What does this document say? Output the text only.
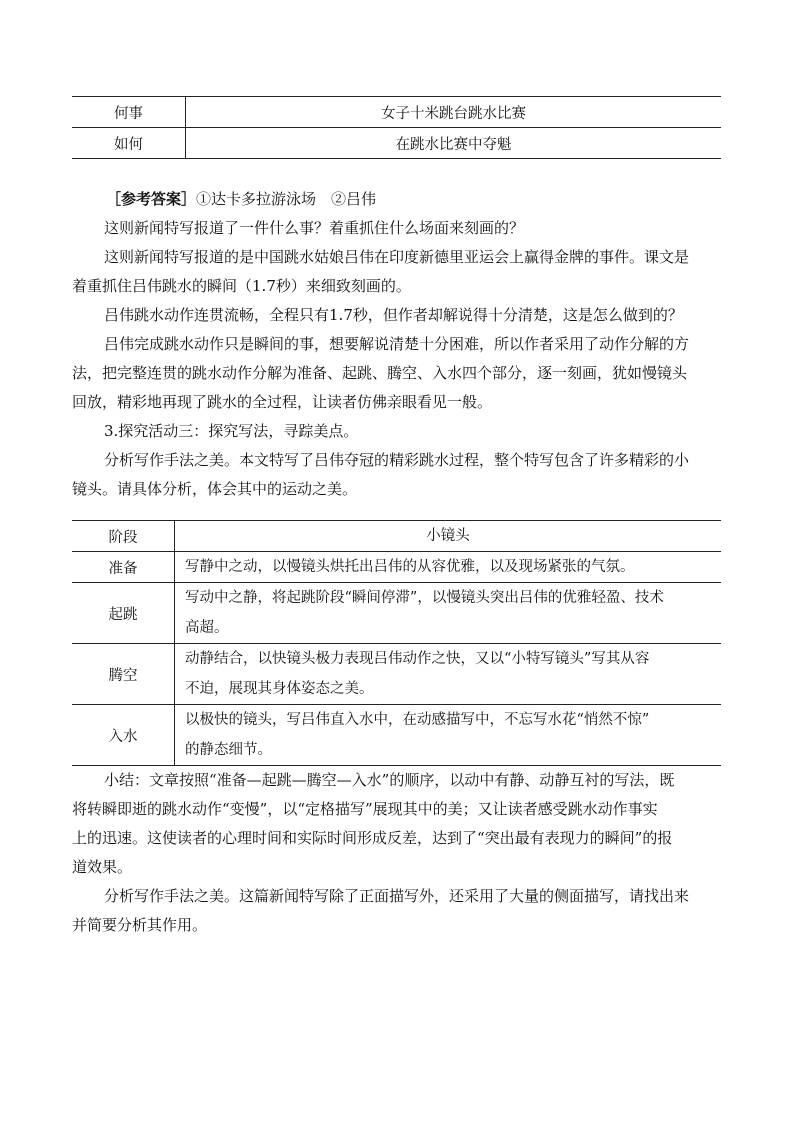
何事	女子十米跳台跳水比赛
如何	在跳水比赛中夺魁

［参考答案］①达卡多拉游泳场　②吕伟

这则新闻特写报道了一件什么事？着重抓住什么场面来刻画的？

这则新闻特写报道的是中国跳水姑娘吕伟在印度新德里亚运会上赢得金牌的事件。课文是

着重抓住吕伟跳水的瞬间（1.7秒）来细致刻画的。

吕伟跳水动作连贯流畅，全程只有1.7秒，但作者却解说得十分清楚，这是怎么做到的？

吕伟完成跳水动作只是瞬间的事，想要解说清楚十分困难，所以作者采用了动作分解的方

法，把完整连贯的跳水动作分解为准备、起跳、腾空、入水四个部分，逐一刻画，犹如慢镜头

回放，精彩地再现了跳水的全过程，让读者仿佛亲眼看见一般。

3.探究活动三：探究写法，寻踪美点。

分析写作手法之美。本文特写了吕伟夺冠的精彩跳水过程，整个特写包含了许多精彩的小

镜头。请具体分析，体会其中的运动之美。

阶段	小镜头
准备	写静中之动，以慢镜头烘托出吕伟的从容优雅，以及现场紧张的气氛。

起跳	写动中之静，将起跳阶段“瞬间停滞”，以慢镜头突出吕伟的优雅轻盈、技术
高超。

腾空	动静结合，以快镜头极力表现吕伟动作之快，又以“小特写镜头”写其从容
不迫，展现其身体姿态之美。

入水	以极快的镜头，写吕伟直入水中，在动感描写中，不忘写水花“悄然不惊”
的静态细节。

小结：文章按照“准备—起跳—腾空—入水”的顺序，以动中有静、动静互衬的写法，既

将转瞬即逝的跳水动作“变慢”，以“定格描写”展现其中的美；又让读者感受跳水动作事实

上的迅速。这使读者的心理时间和实际时间形成反差，达到了“突出最有表现力的瞬间”的报

道效果。

分析写作手法之美。这篇新闻特写除了正面描写外，还采用了大量的侧面描写，请找出来

并简要分析其作用。
